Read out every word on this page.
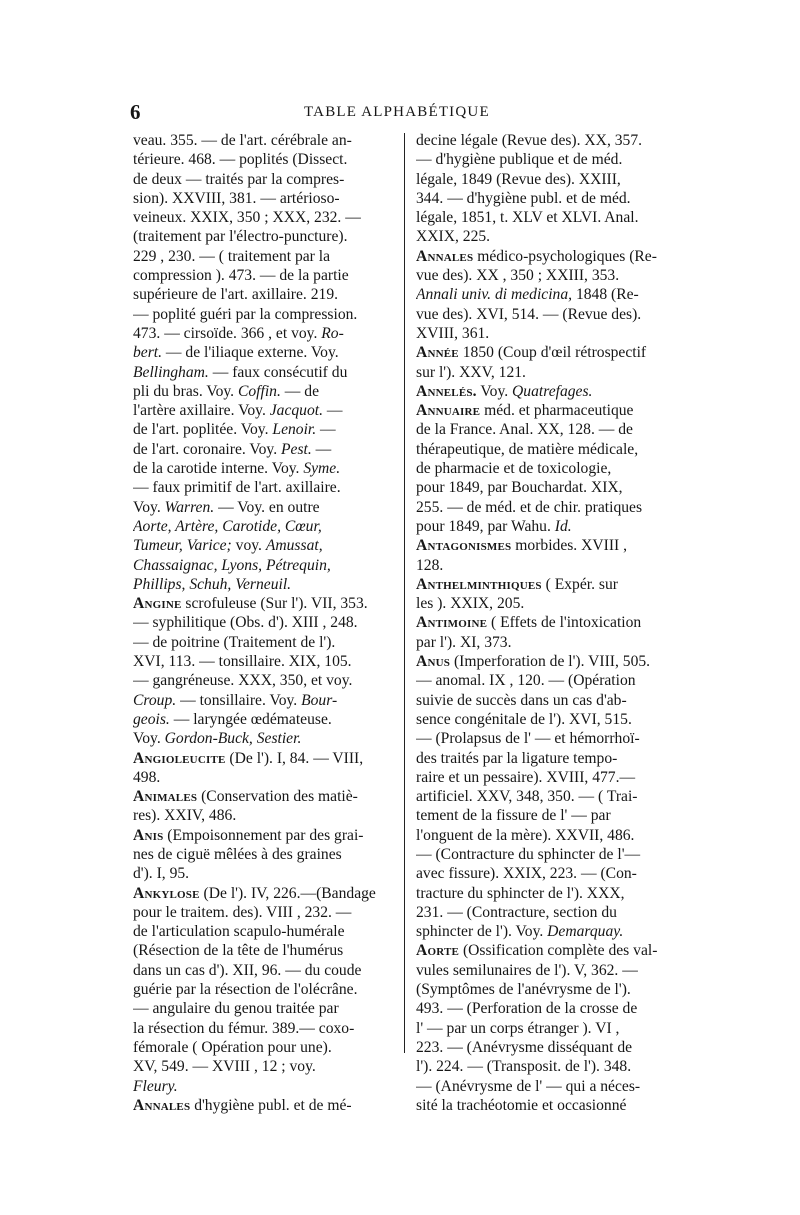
6	TABLE ALPHABÉTIQUE
veau. 355. — de l'art. cérébrale an-
térieure. 468. — poplités (Dissect.
de deux — traités par la compres-
sion). XXVIII, 381. — artérioso-
veineux. XXIX, 350 ; XXX, 232. —
(traitement par l'électro-puncture).
229 , 230. — ( traitement par la
compression ). 473. — de la partie
supérieure de l'art. axillaire. 219.
— poplité guéri par la compression.
473. — cirsoïde. 366 , et voy. Ro-
bert. — de l'iliaque externe. Voy.
Bellingham. — faux consécutif du
pli du bras. Voy. Coffin. — de
l'artère axillaire. Voy. Jacquot. —
de l'art. poplitée. Voy. Lenoir. —
de l'art. coronaire. Voy. Pest. —
de la carotide interne. Voy. Syme.
— faux primitif de l'art. axillaire.
Voy. Warren. — Voy. en outre
Aorte, Artère, Carotide, Cœur,
Tumeur, Varice; voy. Amussat,
Chassaignac, Lyons, Pétrequin,
Phillips, Schuh, Verneuil.
Angine scrofuleuse (Sur l'). VII, 353.
— syphilitique (Obs. d'). XIII , 248.
— de poitrine (Traitement de l').
XVI, 113. — tonsillaire. XIX, 105.
— gangréneuse. XXX, 350, et voy.
Croup. — tonsillaire. Voy. Bour-
geois. — laryngée œdémateuse.
Voy. Gordon-Buck, Sestier.
Angioleucite (De l'). I, 84. — VIII,
498.
Animales (Conservation des matiè-
res). XXIV, 486.
Anis (Empoisonnement par des grai-
nes de ciguë mêlées à des graines
d'). I, 95.
Ankylose (De l'). IV, 226.—(Bandage
pour le traitem. des). VIII , 232. —
de l'articulation scapulo-humérale
(Résection de la tête de l'humérus
dans un cas d'). XII, 96. — du coude
guérie par la résection de l'olécrâne.
— angulaire du genou traitée par
la résection du fémur. 389.— coxo-
fémorale ( Opération pour une).
XV, 549. — XVIII , 12 ; voy.
Fleury.
Annales d'hygiène publ. et de mé-
decine légale (Revue des). XX, 357.
— d'hygiène publique et de méd.
légale, 1849 (Revue des). XXIII,
344. — d'hygiène publ. et de méd.
légale, 1851, t. XLV et XLVI. Anal.
XXIX, 225.
Annales médico-psychologiques (Re-
vue des). XX , 350 ; XXIII, 353.
Annali univ. di medicina, 1848 (Re-
vue des). XVI, 514. — (Revue des).
XVIII, 361.
Année 1850 (Coup d'œil rétrospectif
sur l'). XXV, 121.
Annelés. Voy. Quatrefages.
Annuaire méd. et pharmaceutique
de la France. Anal. XX, 128. — de
thérapeutique, de matière médicale,
de pharmacie et de toxicologie,
pour 1849, par Bouchardat. XIX,
255. — de méd. et de chir. pratiques
pour 1849, par Wahu. Id.
Antagonismes morbides. XVIII ,
128.
Anthelminthiques ( Expér. sur
les ). XXIX, 205.
Antimoine ( Effets de l'intoxication
par l'). XI, 373.
Anus (Imperforation de l'). VIII, 505.
— anomal. IX , 120. — (Opération
suivie de succès dans un cas d'ab-
sence congénitale de l'). XVI, 515.
— (Prolapsus de l' — et hémorrhoï-
des traités par la ligature tempo-
raire et un pessaire). XVIII, 477.—
artificiel. XXV, 348, 350. — ( Trai-
tement de la fissure de l' — par
l'onguent de la mère). XXVII, 486.
— (Contracture du sphincter de l'—
avec fissure). XXIX, 223. — (Con-
tracture du sphincter de l'). XXX,
231. — (Contracture, section du
sphincter de l'). Voy. Demarquay.
Aorte (Ossification complète des val-
vules semilunaires de l'). V, 362. —
(Symptômes de l'anévrysme de l').
493. — (Perforation de la crosse de
l' — par un corps étranger ). VI ,
223. — (Anévrysme disséquant de
l'). 224. — (Transposit. de l'). 348.
— (Anévrysme de l' — qui a néces-
sité la trachéotomie et occasionné
